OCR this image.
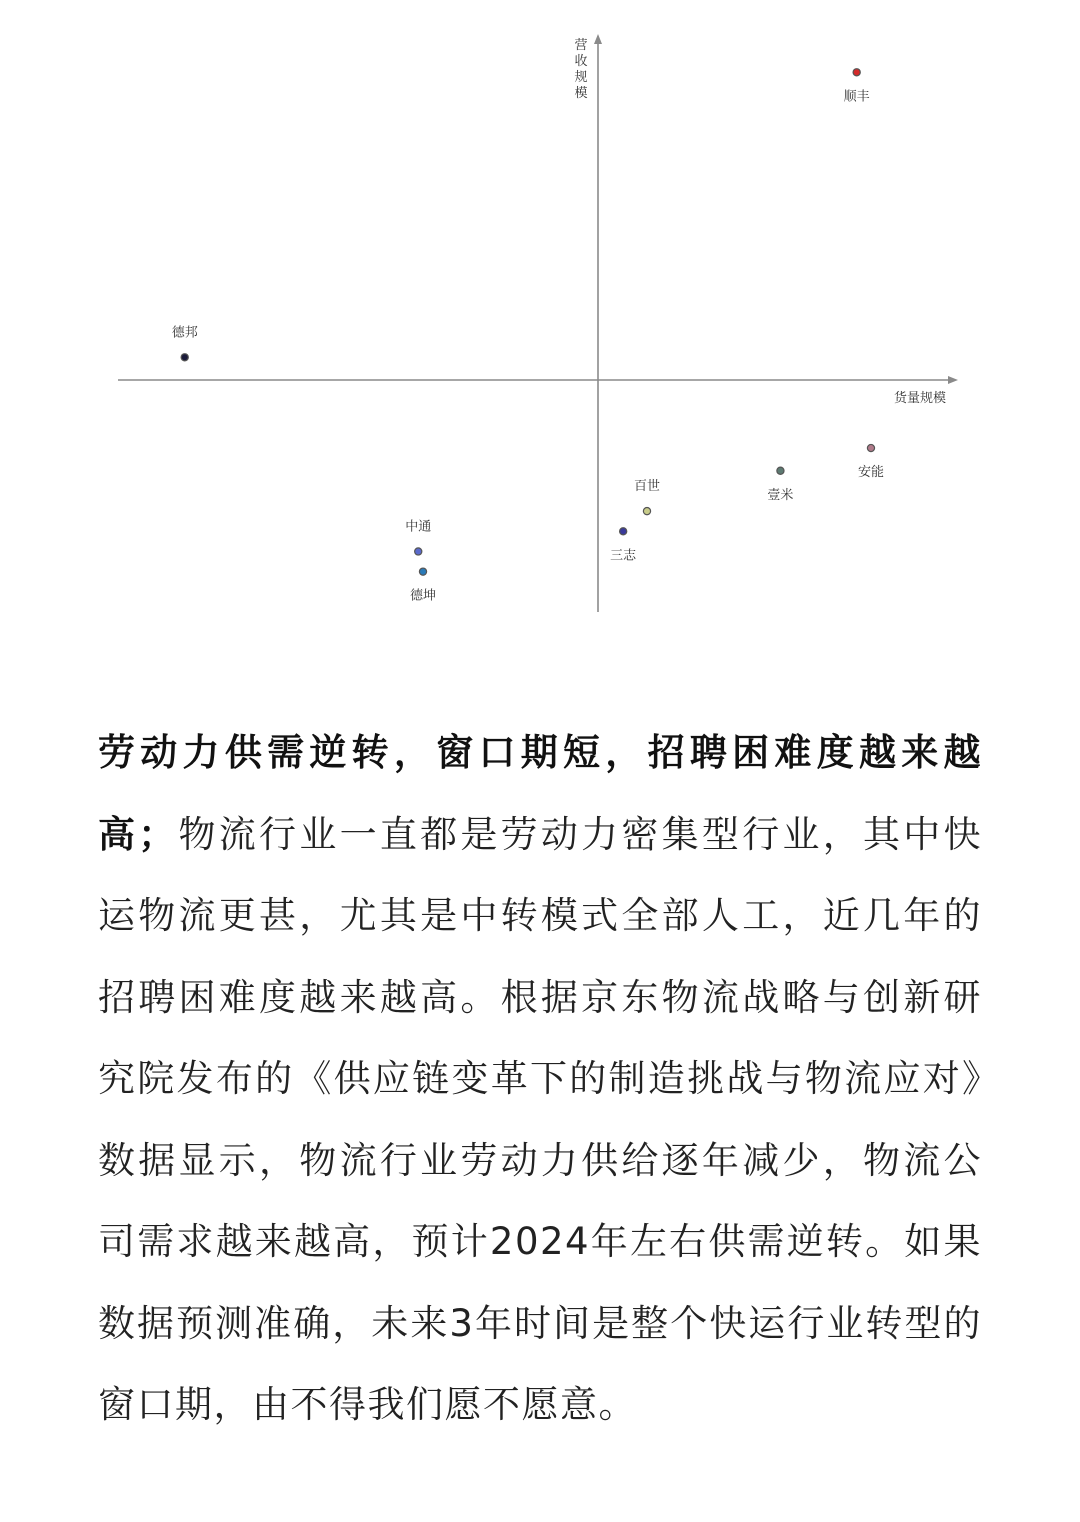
货量规模
营收规模	顺丰
德邦
安能
壹米
百世
三志
中通
德坤

劳动力供需逆转，窗口期短，招聘困难度越来越高；物流行业一直都是劳动力密集型行业，其中快运物流更甚，尤其是中转模式全部人工，近几年的招聘困难度越来越高。根据京东物流战略与创新研究院发布的《供应链变革下的制造挑战与物流应对》数据显示，物流行业劳动力供给逐年减少，物流公司需求越来越高，预计2024年左右供需逆转。如果数据预测准确，未来3年时间是整个快运行业转型的窗口期，由不得我们愿不愿意。
